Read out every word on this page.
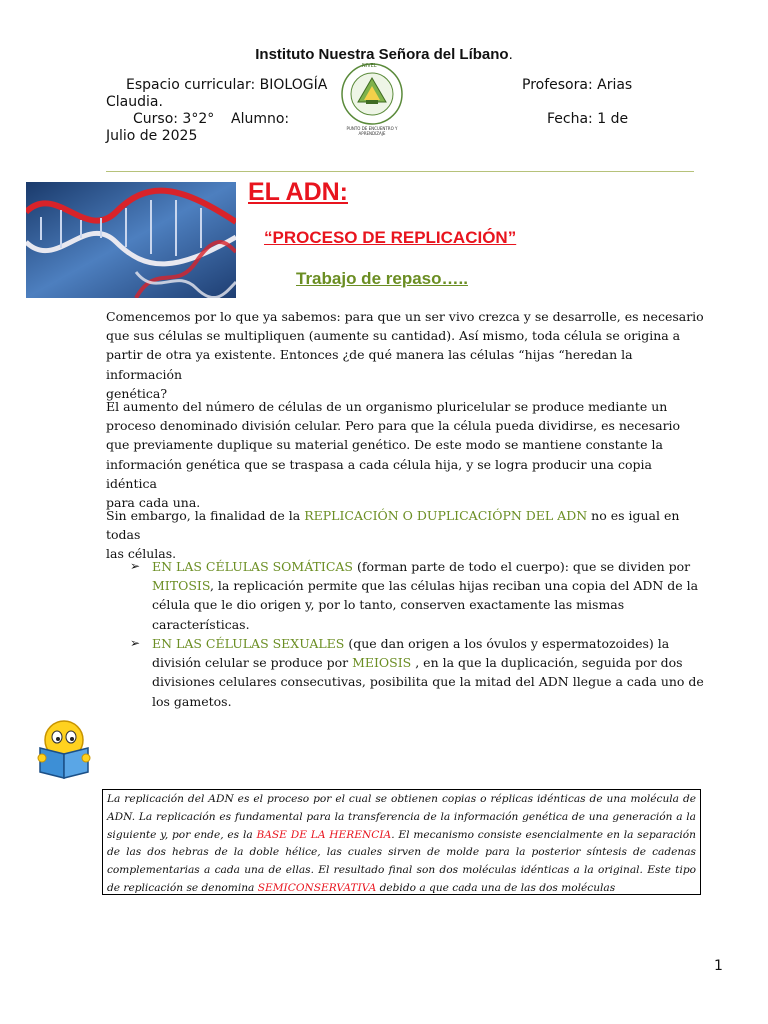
Instituto Nuestra Señora del Líbano.
Espacio curricular: BIOLOGÍA	Profesora: Arias
Claudia.
Curso: 3°2° Alumno:	Fecha: 1 de
Julio de 2025
NIVEL
PUNTO DE ENCUENTRO Y APRENDIZAJE
EL ADN:
“PROCESO DE REPLICACIÓN”
Trabajo de repaso…..
Comencemos por lo que ya sabemos: para que un ser vivo crezca y se desarrolle, es necesario
que sus células se multipliquen (aumente su cantidad). Así mismo, toda célula se origina a
partir de otra ya existente. Entonces ¿de qué manera las células “hijas “heredan la información
genética?
El aumento del número de células de un organismo pluricelular se produce mediante un
proceso denominado división celular. Pero para que la célula pueda dividirse, es necesario
que previamente duplique su material genético. De este modo se mantiene constante la
información genética que se traspasa a cada célula hija, y se logra producir una copia idéntica
para cada una.
Sin embargo, la finalidad de la REPLICACIÓN O DUPLICACIÓPN DEL ADN no es igual en todas
las células.
➢ EN LAS CÉLULAS SOMÁTICAS (forman parte de todo el cuerpo): que se dividen por
MITOSIS, la replicación permite que las células hijas reciban una copia del ADN de la
célula que le dio origen y, por lo tanto, conserven exactamente las mismas
características.
➢ EN LAS CÉLULAS SEXUALES (que dan origen a los óvulos y espermatozoides) la
división celular se produce por MEIOSIS , en la que la duplicación, seguida por dos
divisiones celulares consecutivas, posibilita que la mitad del ADN llegue a cada uno de
los gametos.

La replicación del ADN es el proceso por el cual se obtienen copias o réplicas idénticas de una molécula de ADN. La replicación es fundamental para la transferencia de la información genética de una generación a la siguiente y, por ende, es la BASE DE LA HERENCIA. El mecanismo consiste esencialmente en la separación de las dos hebras de la doble hélice, las cuales sirven de molde para la posterior síntesis de cadenas complementarias a cada una de ellas. El resultado final son dos moléculas idénticas a la original. Este tipo de replicación se denomina SEMICONSERVATIVA debido a que cada una de las dos moléculas

1
